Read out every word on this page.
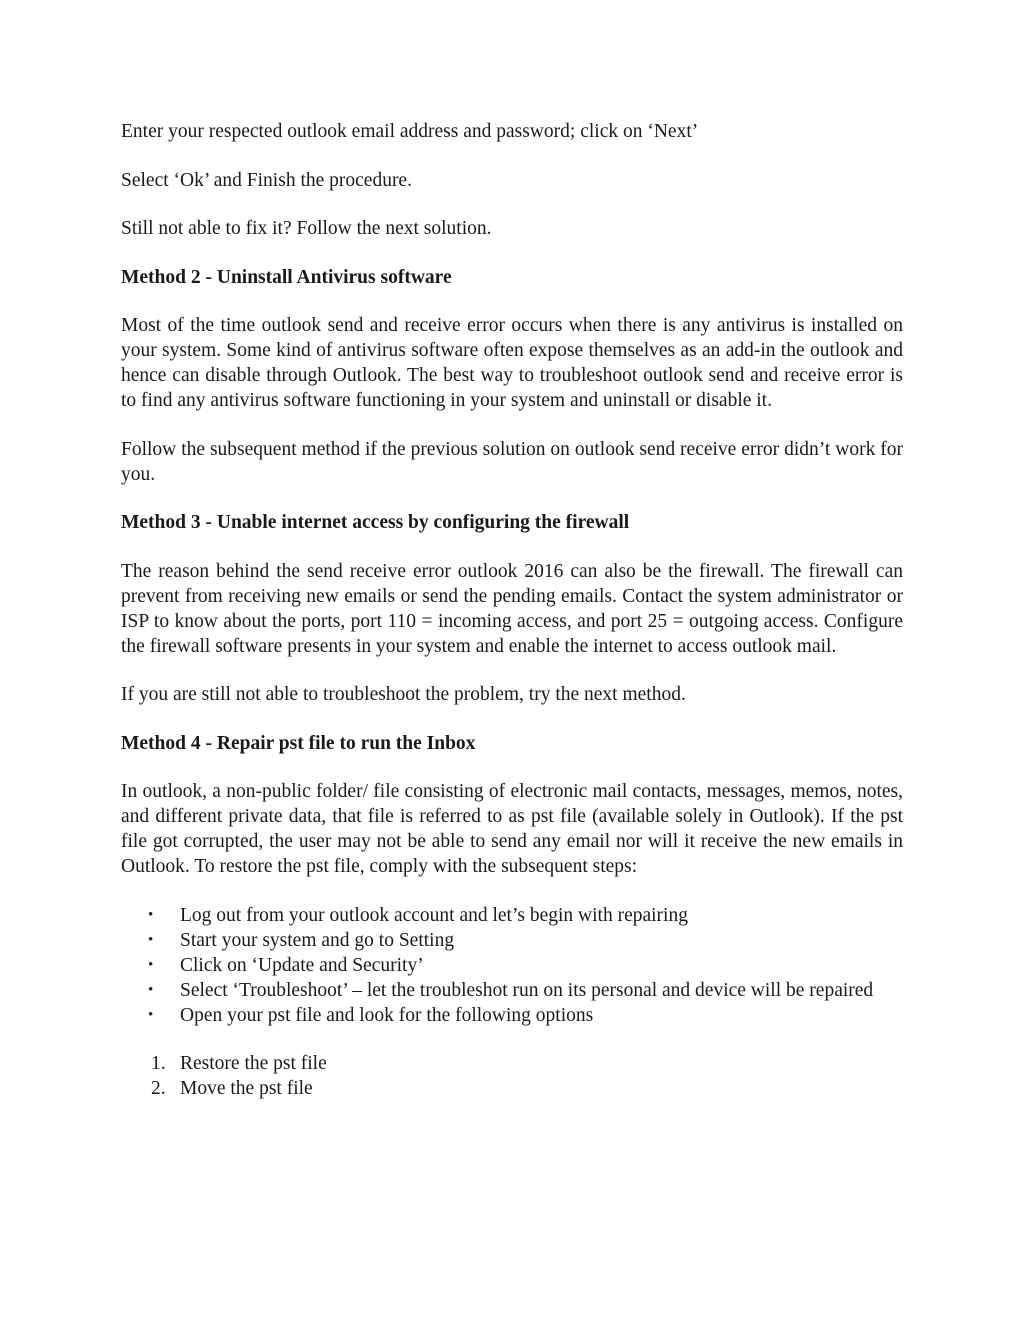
Enter your respected outlook email address and password; click on ‘Next’

Select ‘Ok’ and Finish the procedure.

Still not able to fix it? Follow the next solution.

Method 2 - Uninstall Antivirus software

Most of the time outlook send and receive error occurs when there is any antivirus is installed on your system. Some kind of antivirus software often expose themselves as an add-in the outlook and hence can disable through Outlook. The best way to troubleshoot outlook send and receive error is to find any antivirus software functioning in your system and uninstall or disable it.

Follow the subsequent method if the previous solution on outlook send receive error didn’t work for you.

Method 3 - Unable internet access by configuring the firewall

The reason behind the send receive error outlook 2016 can also be the firewall. The firewall can prevent from receiving new emails or send the pending emails. Contact the system administrator or ISP to know about the ports, port 110 = incoming access, and port 25 = outgoing access. Configure the firewall software presents in your system and enable the internet to access outlook mail.

If you are still not able to troubleshoot the problem, try the next method.

Method 4 - Repair pst file to run the Inbox

In outlook, a non-public folder/ file consisting of electronic mail contacts, messages, memos, notes, and different private data, that file is referred to as pst file (available solely in Outlook). If the pst file got corrupted, the user may not be able to send any email nor will it receive the new emails in Outlook. To restore the pst file, comply with the subsequent steps:

• Log out from your outlook account and let’s begin with repairing
• Start your system and go to Setting
• Click on ‘Update and Security’
• Select ‘Troubleshoot’ – let the troubleshot run on its personal and device will be repaired
• Open your pst file and look for the following options
1. Restore the pst file
2. Move the pst file
